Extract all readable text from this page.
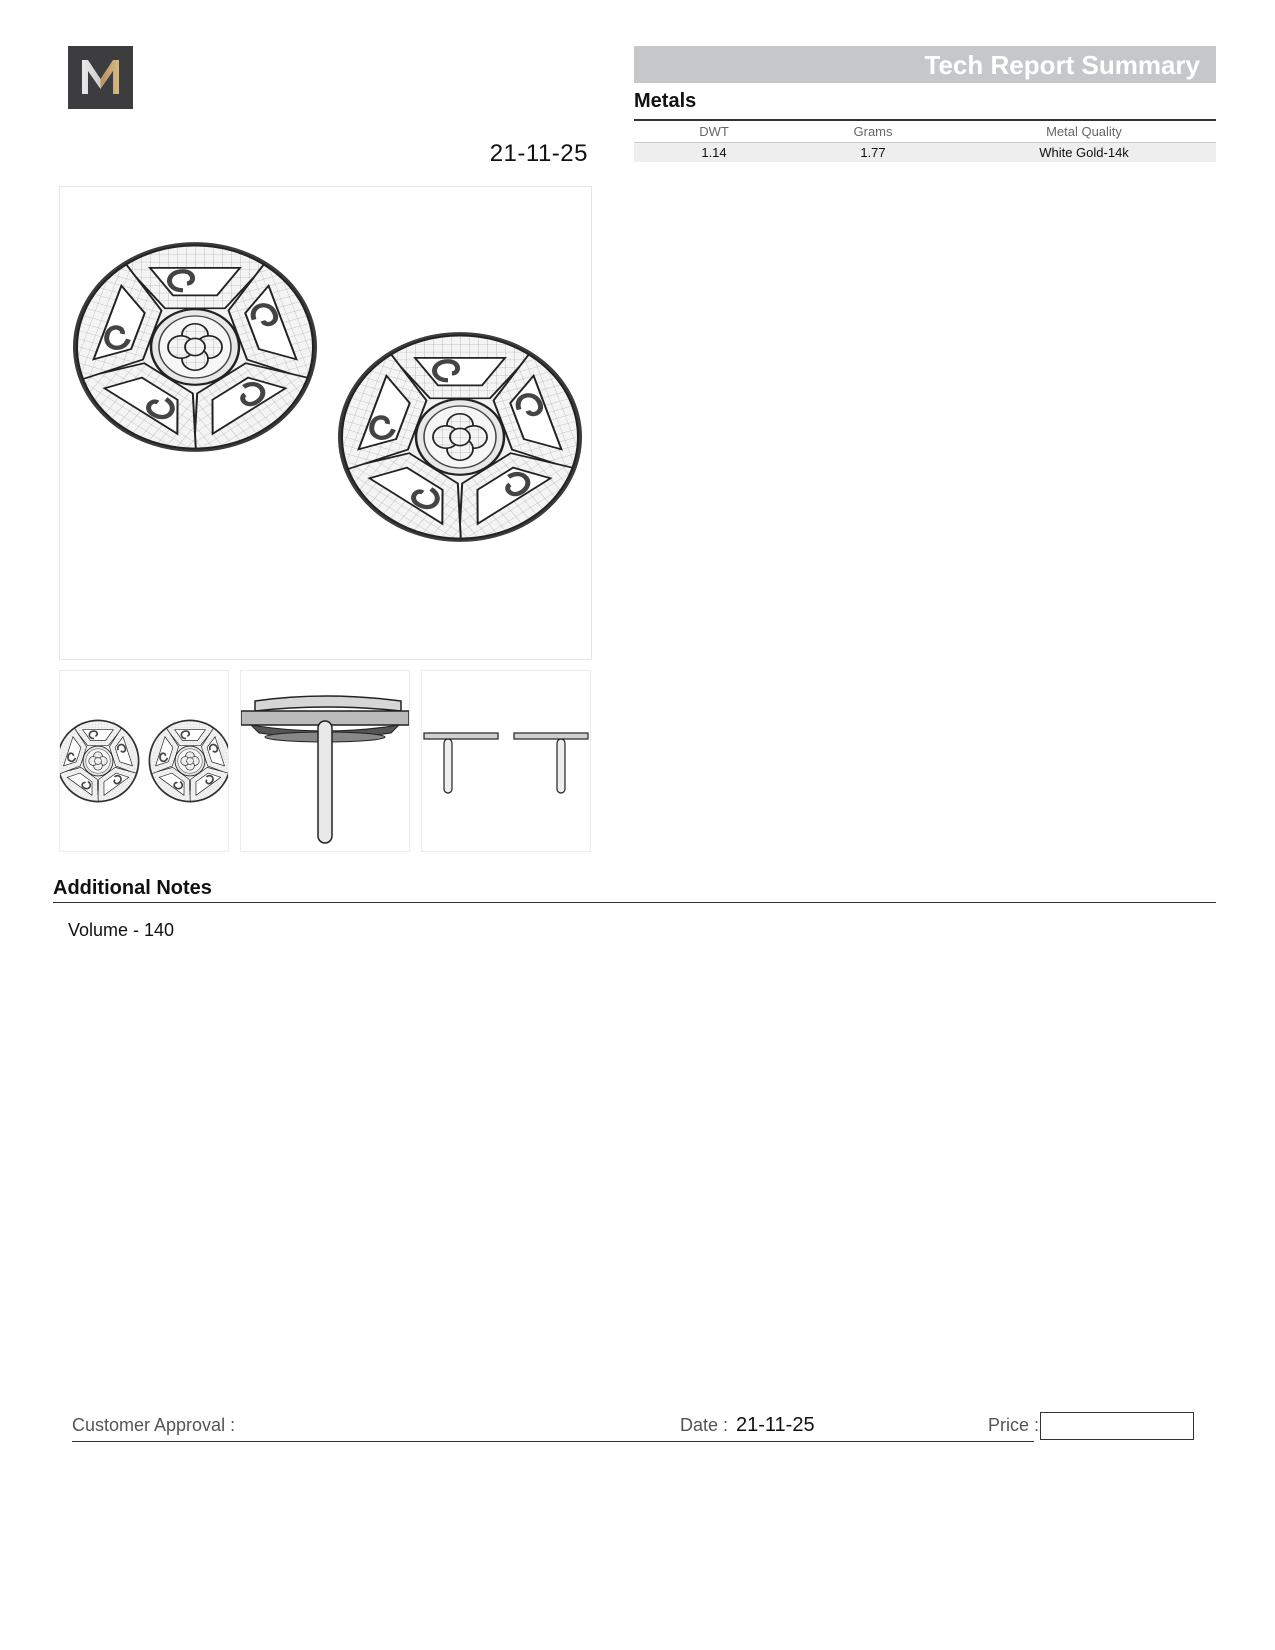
21-11-25
Tech Report Summary
Metals
DWT	Grams	Metal Quality
1.14	1.77	White Gold-14k
Additional Notes
Volume - 140
Customer Approval :	Date : 21-11-25	Price :
